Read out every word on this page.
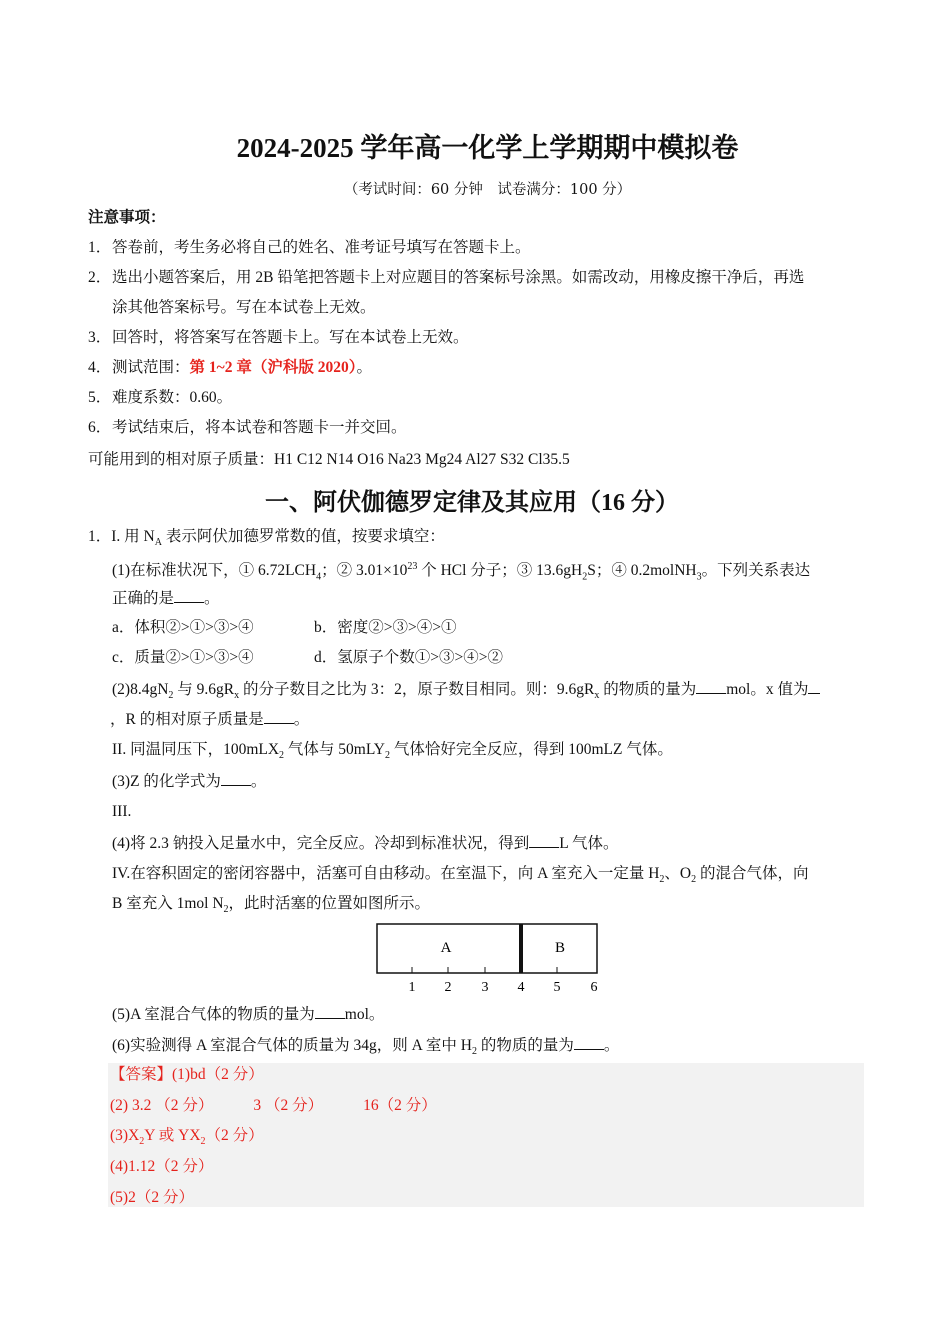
2024-2025 学年高一化学上学期期中模拟卷
（考试时间：60 分钟　试卷满分：100 分）
注意事项：
1．答卷前，考生务必将自己的姓名、准考证号填写在答题卡上。
2．选出小题答案后，用 2B 铅笔把答题卡上对应题目的答案标号涂黑。如需改动，用橡皮擦干净后，再选
涂其他答案标号。写在本试卷上无效。
3．回答时，将答案写在答题卡上。写在本试卷上无效。
4．测试范围：第 1~2 章（沪科版 2020）。
5．难度系数：0.60。
6．考试结束后，将本试卷和答题卡一并交回。
可能用到的相对原子质量：H1 C12 N14 O16 Na23 Mg24 Al27 S32 Cl35.5
一、阿伏伽德罗定律及其应用（16 分）
1．I. 用 $N_A$ 表示阿伏加德罗常数的值，按要求填空：
(1)在标准状况下，① $6.72LCH_4$；② $3.01\times 10^{23}$ 个 HCl 分子；③ $13.6gH_2S$；④ 0.2molNH$_3$。下列关系表达
正确的是 。
a．体积②>①>③>④	b．密度②>③>④>①
c．质量②>①>③>④	d．氢原子个数①>③>④>②
$(2)8.4gN_2$ 与 $9.6gR_x$ 的分子数目之比为 3：2，原子数目相同。则：$9.6gR_x$ 的物质的量为 mol。x 值为
，R 的相对原子质量是 。
II. 同温同压下，100mLX$_2$ 气体与 50mLY$_2$ 气体恰好完全反应，得到 100mLZ 气体。
(3)Z 的化学式为 。
III.
(4)将 2.3 钠投入足量水中，完全反应。冷却到标准状况，得到 L 气体。
IV.在容积固定的密闭容器中，活塞可自由移动。在室温下，向 A 室充入一定量 $H_2$、$O_2$ 的混合气体，向
B 室充入 1mol $N_2$，此时活塞的位置如图所示。
A	B
1 2 3 4 5 6
(5)A 室混合气体的物质的量为 mol。
(6)实验测得 A 室混合气体的质量为 34g，则 A 室中 $H_2$ 的物质的量为 。
【答案】(1)bd（2 分）
(2) 3.2 （2 分）	3 （2 分）	16（2 分）
$(3)X_2Y$ 或 $YX_2(2$ 分）
(4)1.12（2 分）
(5)2（2 分）
